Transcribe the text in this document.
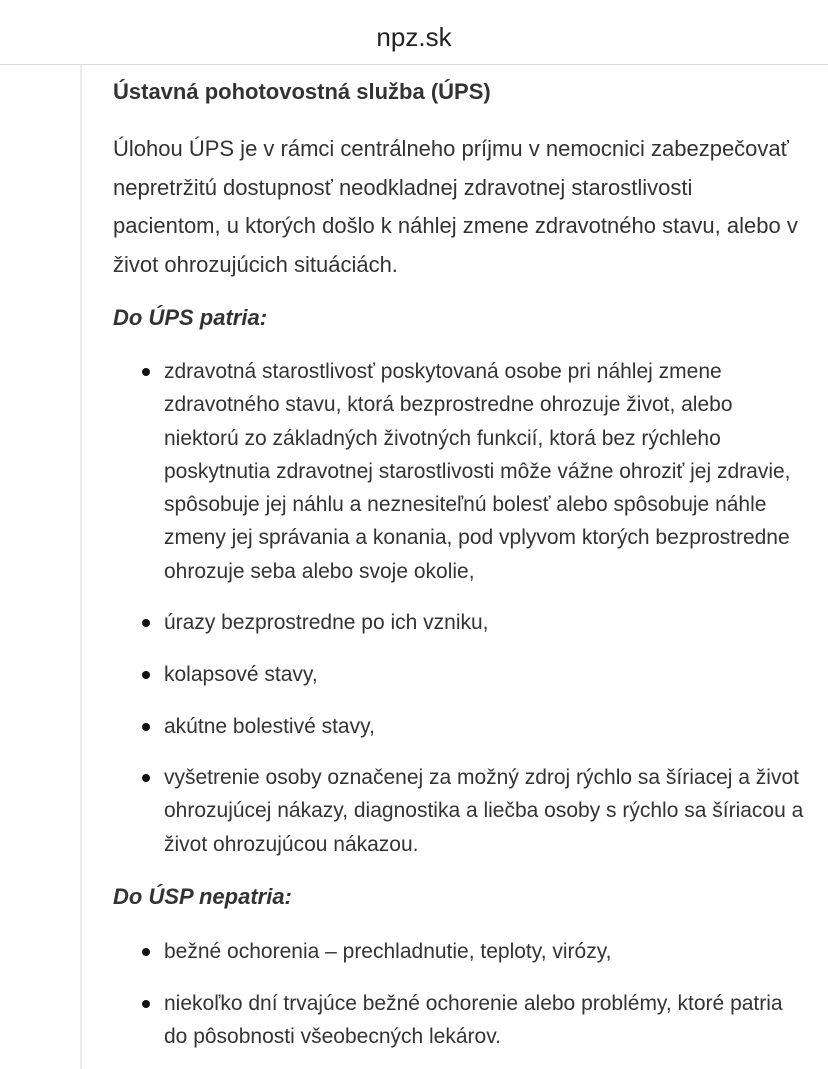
npz.sk
Ústavná pohotovostná služba (ÚPS)
Úlohou ÚPS je v rámci centrálneho príjmu v nemocnici zabezpečovať nepretržitú dostupnosť neodkladnej zdravotnej starostlivosti pacientom, u ktorých došlo k náhlej zmene zdravotného stavu, alebo v život ohrozujúcich situáciách.
Do ÚPS patria:
zdravotná starostlivosť poskytovaná osobe pri náhlej zmene zdravotného stavu, ktorá bezprostredne ohrozuje život, alebo niektorú zo základných životných funkcií, ktorá bez rýchleho poskytnutia zdravotnej starostlivosti môže vážne ohroziť jej zdravie, spôsobuje jej náhlu a neznesiteľnú bolesť alebo spôsobuje náhle zmeny jej správania a konania, pod vplyvom ktorých bezprostredne ohrozuje seba alebo svoje okolie,
úrazy bezprostredne po ich vzniku,
kolapsové stavy,
akútne bolestivé stavy,
vyšetrenie osoby označenej za možný zdroj rýchlo sa šíriacej a život ohrozujúcej nákazy, diagnostika a liečba osoby s rýchlo sa šíriacou a život ohrozujúcou nákazou.
Do ÚSP nepatria:
bežné ochorenia – prechladnutie, teploty, virózy,
niekoľko dní trvajúce bežné ochorenie alebo problémy, ktoré patria do pôsobnosti všeobecných lekárov.
